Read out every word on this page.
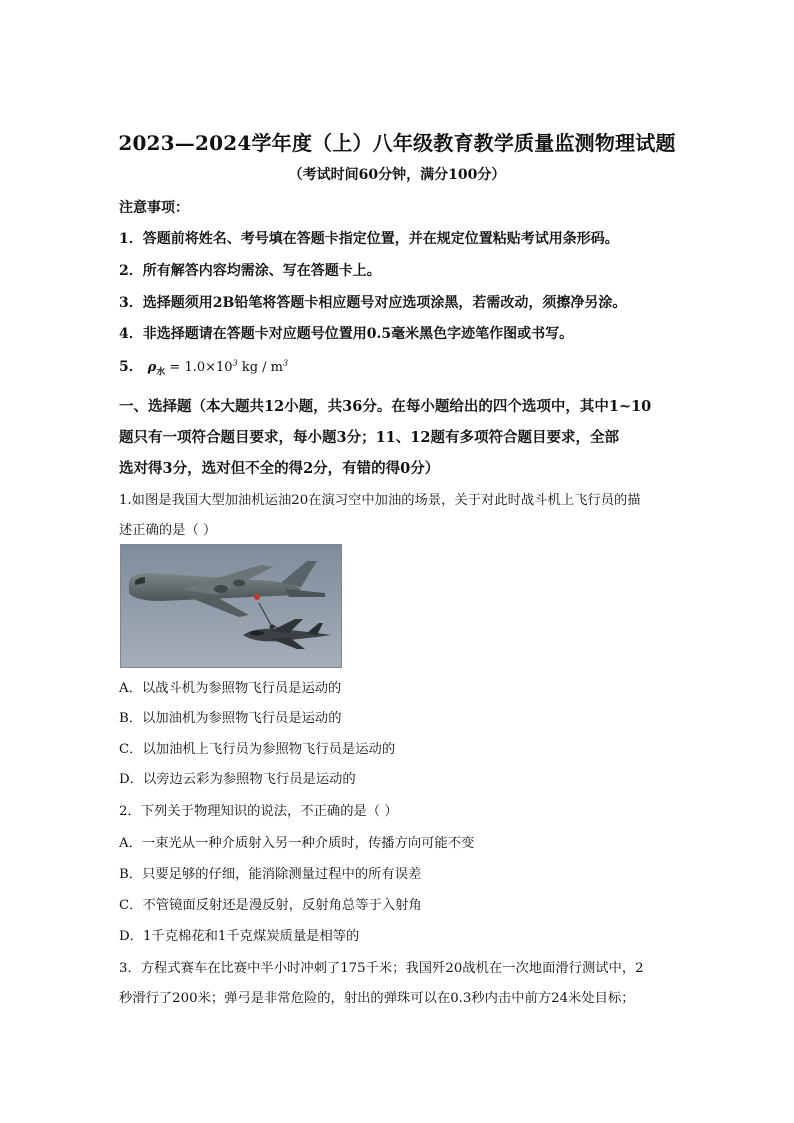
2023—2024学年度（上）八年级教育教学质量监测物理试题
（考试时间60分钟，满分100分）
注意事项：
1．答题前将姓名、考号填在答题卡指定位置，并在规定位置粘贴考试用条形码。
2．所有解答内容均需涂、写在答题卡上。
3．选择题须用2B铅笔将答题卡相应题号对应选项涂黑，若需改动，须擦净另涂。
4．非选择题请在答题卡对应题号位置用0.5毫米黑色字迹笔作图或书写。
5． $\rho_水 = 1.0\times 10^3$ kg / $m^3$
一、选择题（本大题共12小题，共36分。在每小题给出的四个选项中，其中1~10
题只有一项符合题目要求，每小题3分；11、12题有多项符合题目要求，全部
选对得3分，选对但不全的得2分，有错的得0分）
1.如图是我国大型加油机运油20在演习空中加油的场景，关于对此时战斗机上飞行员的描
述正确的是（ ）
A．以战斗机为参照物飞行员是运动的
B．以加油机为参照物飞行员是运动的
C．以加油机上飞行员为参照物飞行员是运动的
D．以旁边云彩为参照物飞行员是运动的
2．下列关于物理知识的说法，不正确的是（ ）
A．一束光从一种介质射入另一种介质时，传播方向可能不变
B．只要足够的仔细，能消除测量过程中的所有误差
C．不管镜面反射还是漫反射，反射角总等于入射角
D．1千克棉花和1千克煤炭质量是相等的
3．方程式赛车在比赛中半小时冲刺了175千米；我国歼20战机在一次地面滑行测试中，2
秒滑行了200米；弹弓是非常危险的，射出的弹珠可以在0.3秒内击中前方24米处目标；
